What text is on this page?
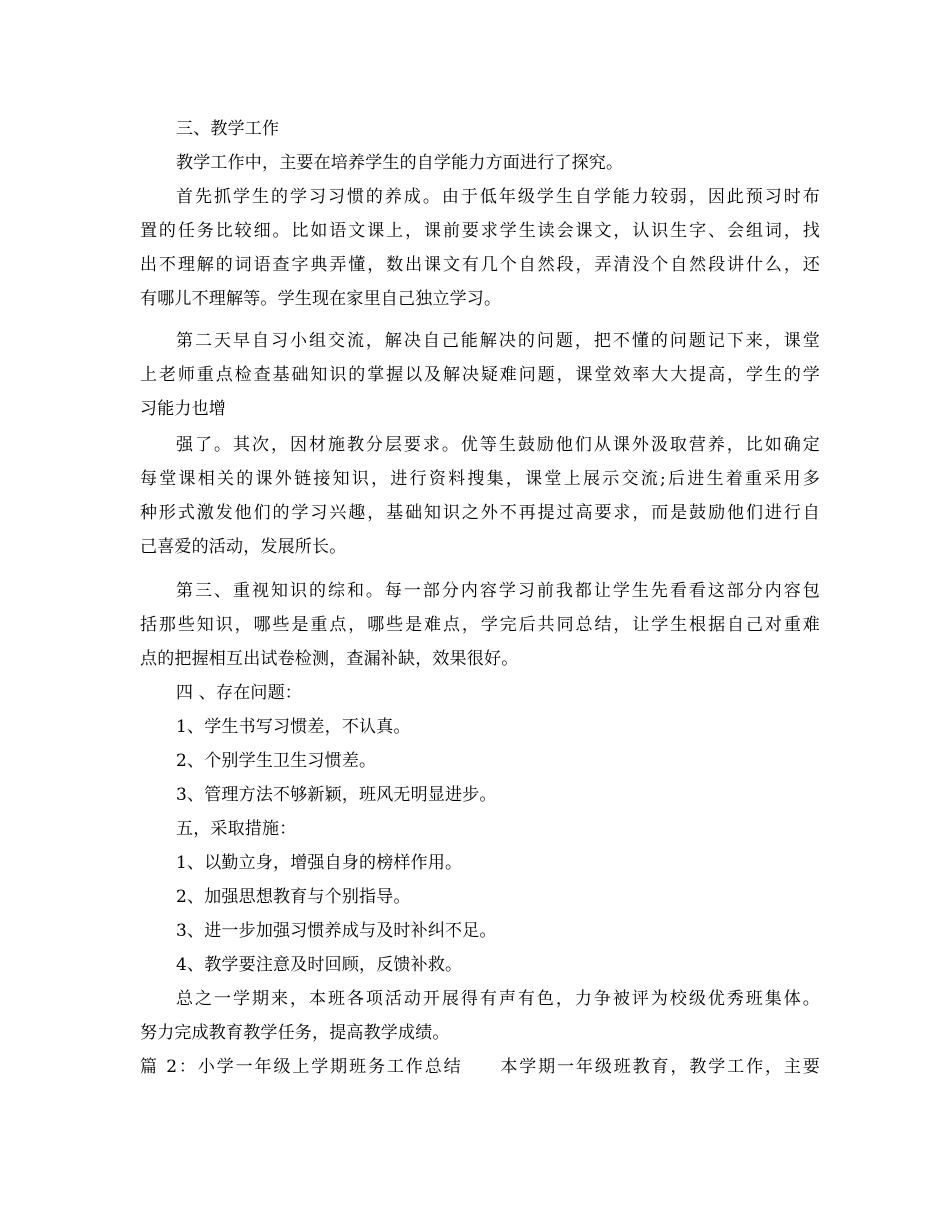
三、教学工作
教学工作中，主要在培养学生的自学能力方面进行了探究。
首先抓学生的学习习惯的养成。由于低年级学生自学能力较弱，因此预习时布
置的任务比较细。比如语文课上，课前要求学生读会课文，认识生字、会组词，找
出不理解的词语查字典弄懂，数出课文有几个自然段，弄清没个自然段讲什么，还
有哪儿不理解等。学生现在家里自己独立学习。
第二天早自习小组交流，解决自己能解决的问题，把不懂的问题记下来，课堂
上老师重点检查基础知识的掌握以及解决疑难问题，课堂效率大大提高，学生的学
习能力也增
强了。其次，因材施教分层要求。优等生鼓励他们从课外汲取营养，比如确定
每堂课相关的课外链接知识，进行资料搜集，课堂上展示交流;后进生着重采用多
种形式激发他们的学习兴趣，基础知识之外不再提过高要求，而是鼓励他们进行自
己喜爱的活动，发展所长。
第三、重视知识的综和。每一部分内容学习前我都让学生先看看这部分内容包
括那些知识，哪些是重点，哪些是难点，学完后共同总结，让学生根据自己对重难
点的把握相互出试卷检测，查漏补缺，效果很好。
四 、存在问题：
1、学生书写习惯差，不认真。
2、个别学生卫生习惯差。
3、管理方法不够新颖，班风无明显进步。
五，采取措施：
1、以勤立身，增强自身的榜样作用。
2、加强思想教育与个别指导。
3、进一步加强习惯养成与及时补纠不足。
4、教学要注意及时回顾，反馈补救。
总之一学期来，本班各项活动开展得有声有色，力争被评为校级优秀班集体。
努力完成教育教学任务，提高教学成绩。
篇 2：小学一年级上学期班务工作总结　　本学期一年级班教育，教学工作，主要
